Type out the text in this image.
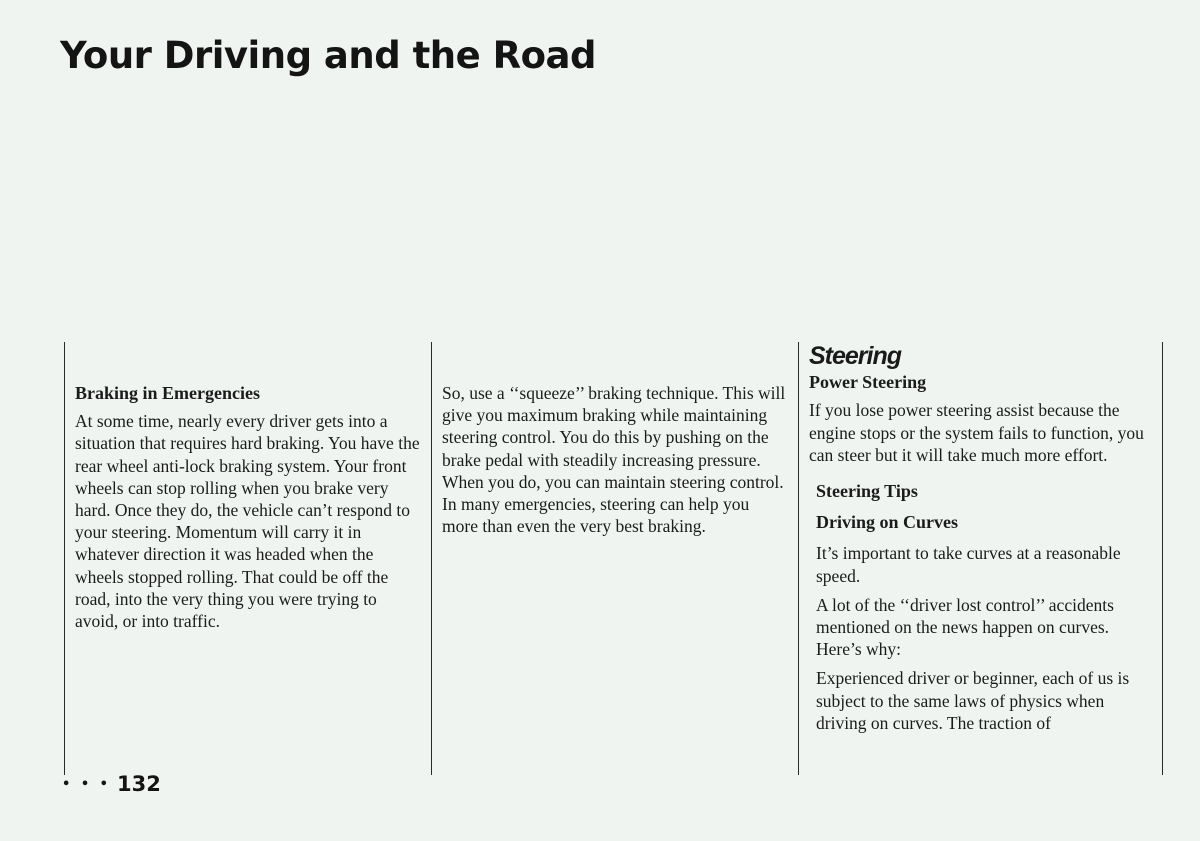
Your Driving and the Road
Braking in Emergencies

At some time, nearly every driver gets into a situation that requires hard braking. You have the rear wheel anti-lock braking system. Your front wheels can stop rolling when you brake very hard. Once they do, the vehicle can’t respond to your steering. Momentum will carry it in whatever direction it was headed when the wheels stopped rolling. That could be off the road, into the very thing you were trying to avoid, or into traffic.

So, use a ‘‘squeeze’’ braking technique. This will give you maximum braking while maintaining steering control. You do this by pushing on the brake pedal with steadily increasing pressure. When you do, you can maintain steering control. In many emergencies, steering can help you more than even the very best braking.

Steering
Power Steering

If you lose power steering assist because the engine stops or the system fails to function, you can steer but it will take much more effort.

Steering Tips
Driving on Curves

It’s important to take curves at a reasonable speed.

A lot of the ‘‘driver lost control’’ accidents mentioned on the news happen on curves. Here’s why:

Experienced driver or beginner, each of us is subject to the same laws of physics when driving on curves. The traction of

• • • 132
